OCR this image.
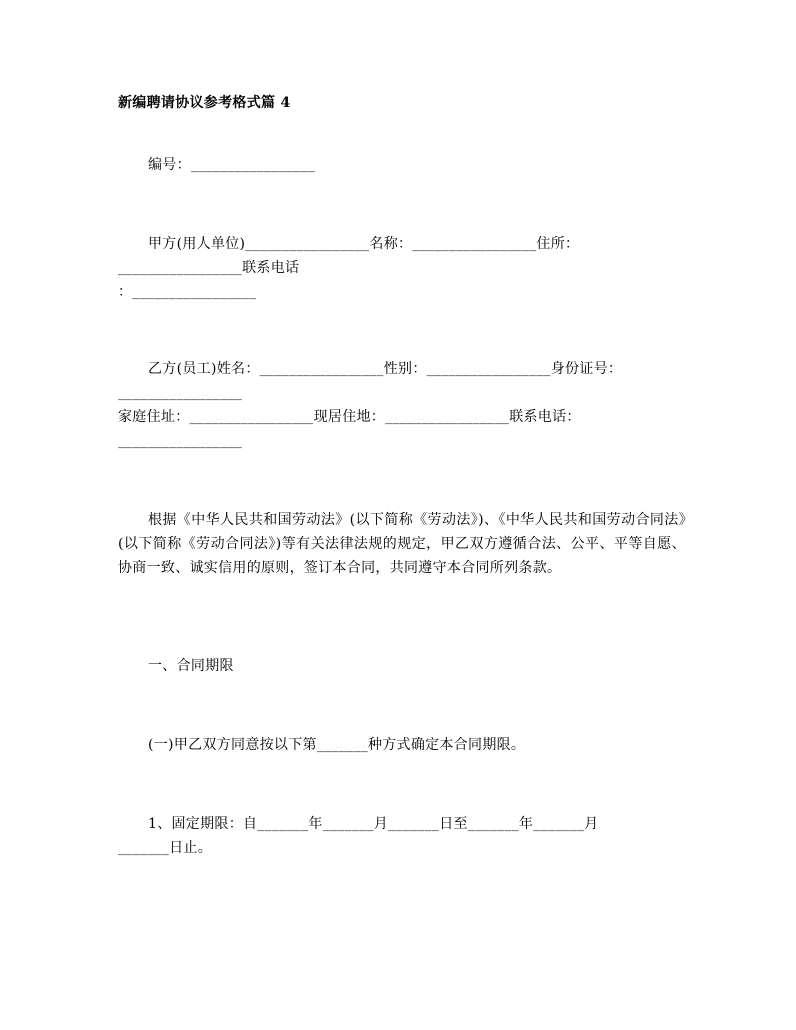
新编聘请协议参考格式篇 4
编号：_________________
甲方(用人单位)_________________名称：_________________住所：
_________________联系电话
：_________________
乙方(员工)姓名：_________________性别：_________________身份证号：
_________________
家庭住址：_________________现居住地：_________________联系电话：
_________________
根据《中华人民共和国劳动法》(以下简称《劳动法》)、《中华人民共和国劳动合同法》(以下简称《劳动合同法》)等有关法律法规的规定，甲乙双方遵循合法、公平、平等自愿、协商一致、诚实信用的原则，签订本合同，共同遵守本合同所列条款。
一、合同期限
(一)甲乙双方同意按以下第_______种方式确定本合同期限。
1、固定期限：自_______年_______月_______日至_______年_______月
_______日止。
